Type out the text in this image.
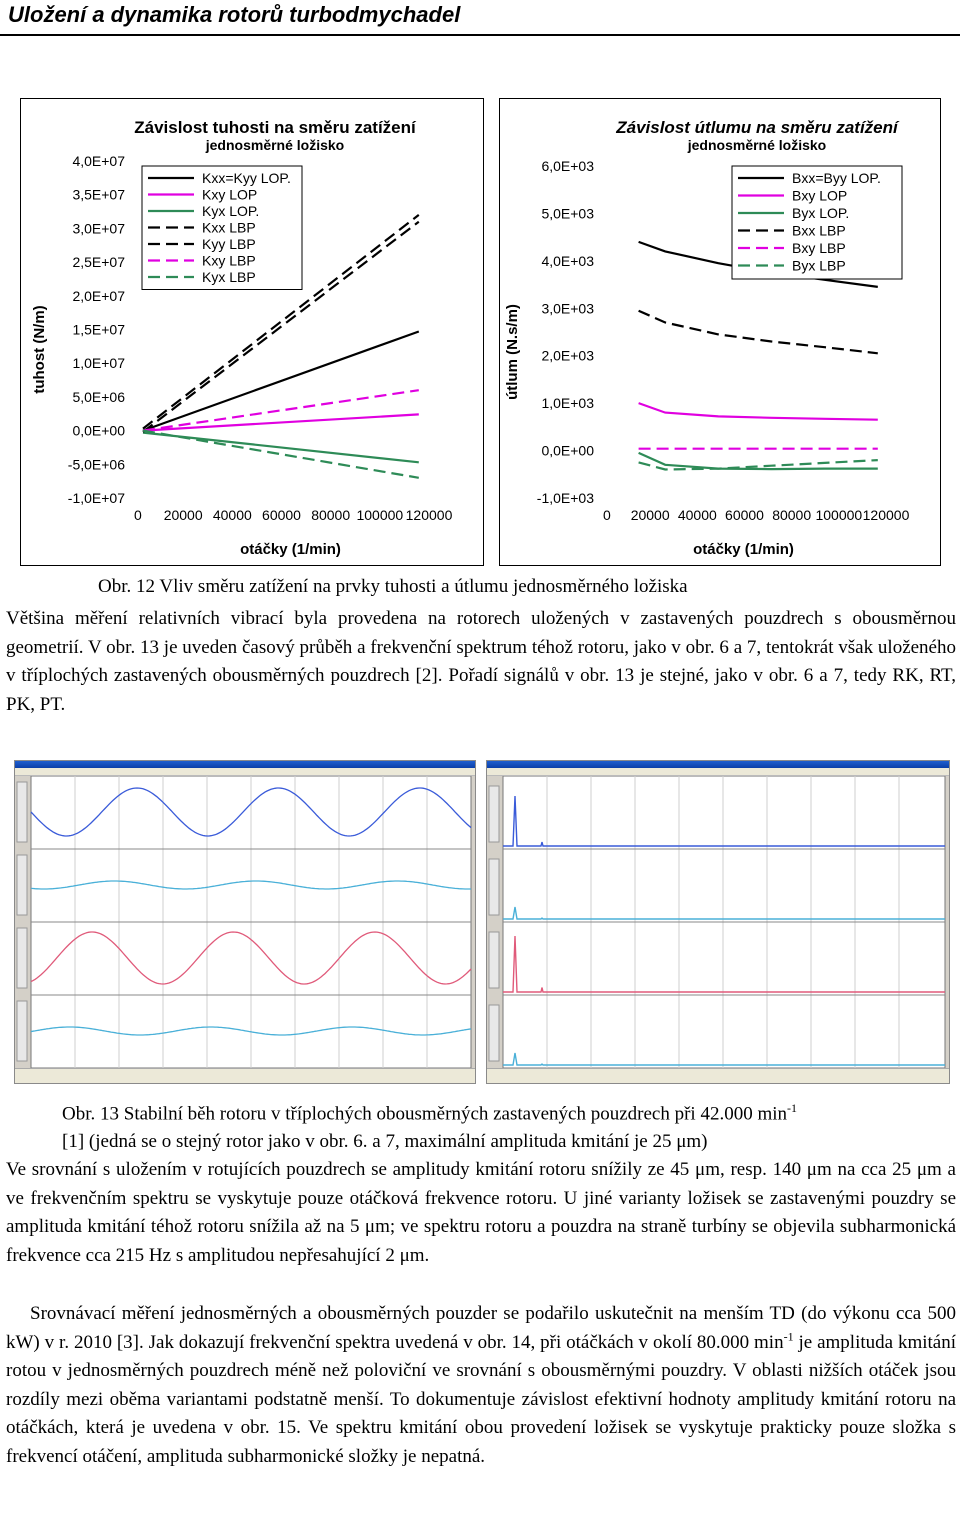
Uložení a dynamika rotorů turbodmychadel
Závislost tuhosti na směru zatížení
jednosměrné ložisko
4,0E+07
3,5E+07
3,0E+07
2,5E+07
2,0E+07
1,5E+07
1,0E+07
5,0E+06
0,0E+00
-5,0E+06
-1,0E+07
0 20000 40000 60000 80000 100000 120000
otáčky (1/min)
tuhost (N/m)
Kxx=Kyy LOP.
Kxy LOP
Kyx LOP.
Kxx LBP
Kyy LBP
Kxy LBP
Kyx LBP
Závislost útlumu na směru zatížení
jednosměrné ložisko
6,0E+03
5,0E+03
4,0E+03
3,0E+03
2,0E+03
1,0E+03
0,0E+00
-1,0E+03
0 20000 40000 60000 80000 100000 120000
otáčky (1/min)
útlum (N.s/m)
Bxx=Byy LOP.
Bxy LOP
Byx LOP.
Bxx LBP
Bxy LBP
Byx LBP
Obr. 12 Vliv směru zatížení na prvky tuhosti a útlumu jednosměrného ložiska
Většina měření relativních vibrací byla provedena na rotorech uložených v zastavených pouzdrech s obousměrnou geometrií. V obr. 13 je uveden časový průběh a frekvenční spektrum téhož rotoru, jako v obr. 6 a 7, tentokrát však uloženého v tříplochých zastavených obousměrných pouzdrech [2]. Pořadí signálů v obr. 13 je stejné, jako v obr. 6 a 7, tedy RK, RT, PK, PT.
Obr. 13 Stabilní běh rotoru v tříplochých obousměrných zastavených pouzdrech při 42.000 $\min^{-1}$
[1] (jedná se o stejný rotor jako v obr. 6. a 7, maximální amplituda kmitání je 25 μm)
Ve srovnání s uložením v rotujících pouzdrech se amplitudy kmitání rotoru snížily ze 45 μm, resp. 140 μm na cca 25 μm a ve frekvenčním spektru se vyskytuje pouze otáčková frekvence rotoru. U jiné varianty ložisek se zastavenými pouzdry se amplituda kmitání téhož rotoru snížila až na 5 μm; ve spektru rotoru a pouzdra na straně turbíny se objevila subharmonická frekvence cca 215 Hz s amplitudou nepřesahující 2 μm.
Srovnávací měření jednosměrných a obousměrných pouzder se podařilo uskutečnit na menším TD (do výkonu cca 500 kW) v r. 2010 [3]. Jak dokazují frekvenční spektra uvedená v obr. 14, při otáčkách v okolí 80.000 $\min^{-1}$ je amplituda kmitání rotou v jednosměrných pouzdrech méně než poloviční ve srovnání s obousměrnými pouzdry. V oblasti nižších otáček jsou rozdíly mezi oběma variantami podstatně menší. To dokumentuje závislost efektivní hodnoty amplitudy kmitání rotoru na otáčkách, která je uvedena v obr. 15. Ve spektru kmitání obou provedení ložisek se vyskytuje prakticky pouze složka s frekvencí otáčení, amplituda subharmonické složky je nepatná.
